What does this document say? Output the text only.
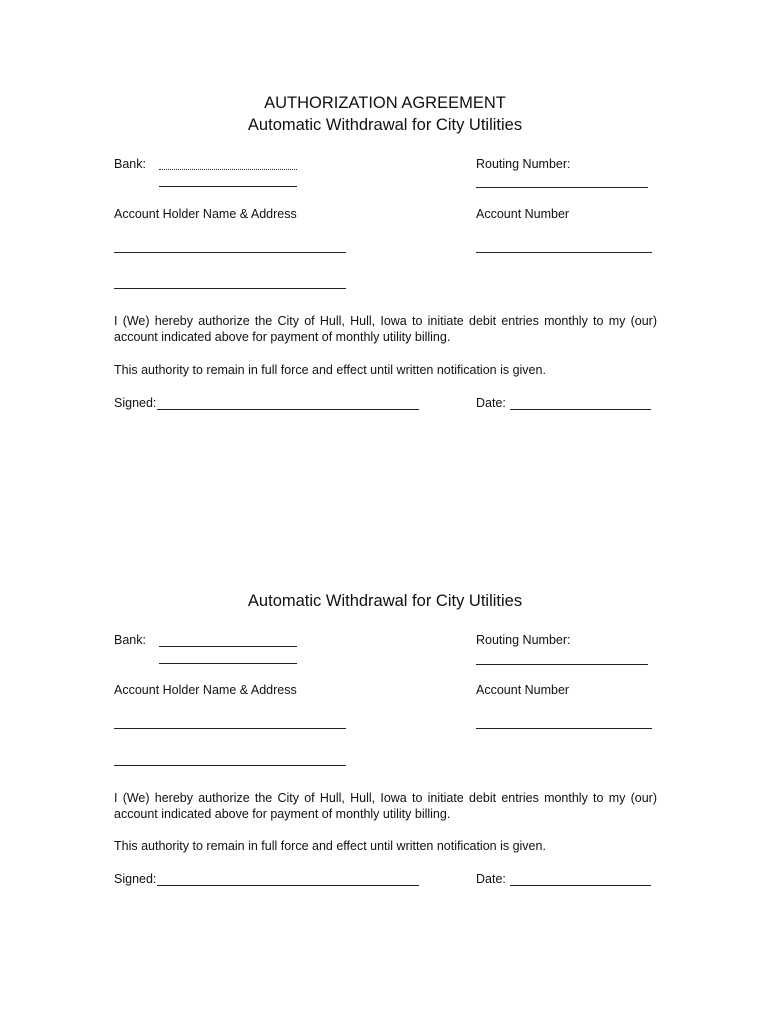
AUTHORIZATION AGREEMENT
Automatic Withdrawal for City Utilities
Bank:	Routing Number:
Account Holder Name & Address	Account Number
I (We) hereby authorize the City of Hull, Hull, Iowa to initiate debit entries monthly to my (our) account indicated above for payment of monthly utility billing.
This authority to remain in full force and effect until written notification is given.
Signed:	Date:
Automatic Withdrawal for City Utilities
Bank:	Routing Number:
Account Holder Name & Address	Account Number
I (We) hereby authorize the City of Hull, Hull, Iowa to initiate debit entries monthly to my (our) account indicated above for payment of monthly utility billing.
This authority to remain in full force and effect until written notification is given.
Signed:	Date:
